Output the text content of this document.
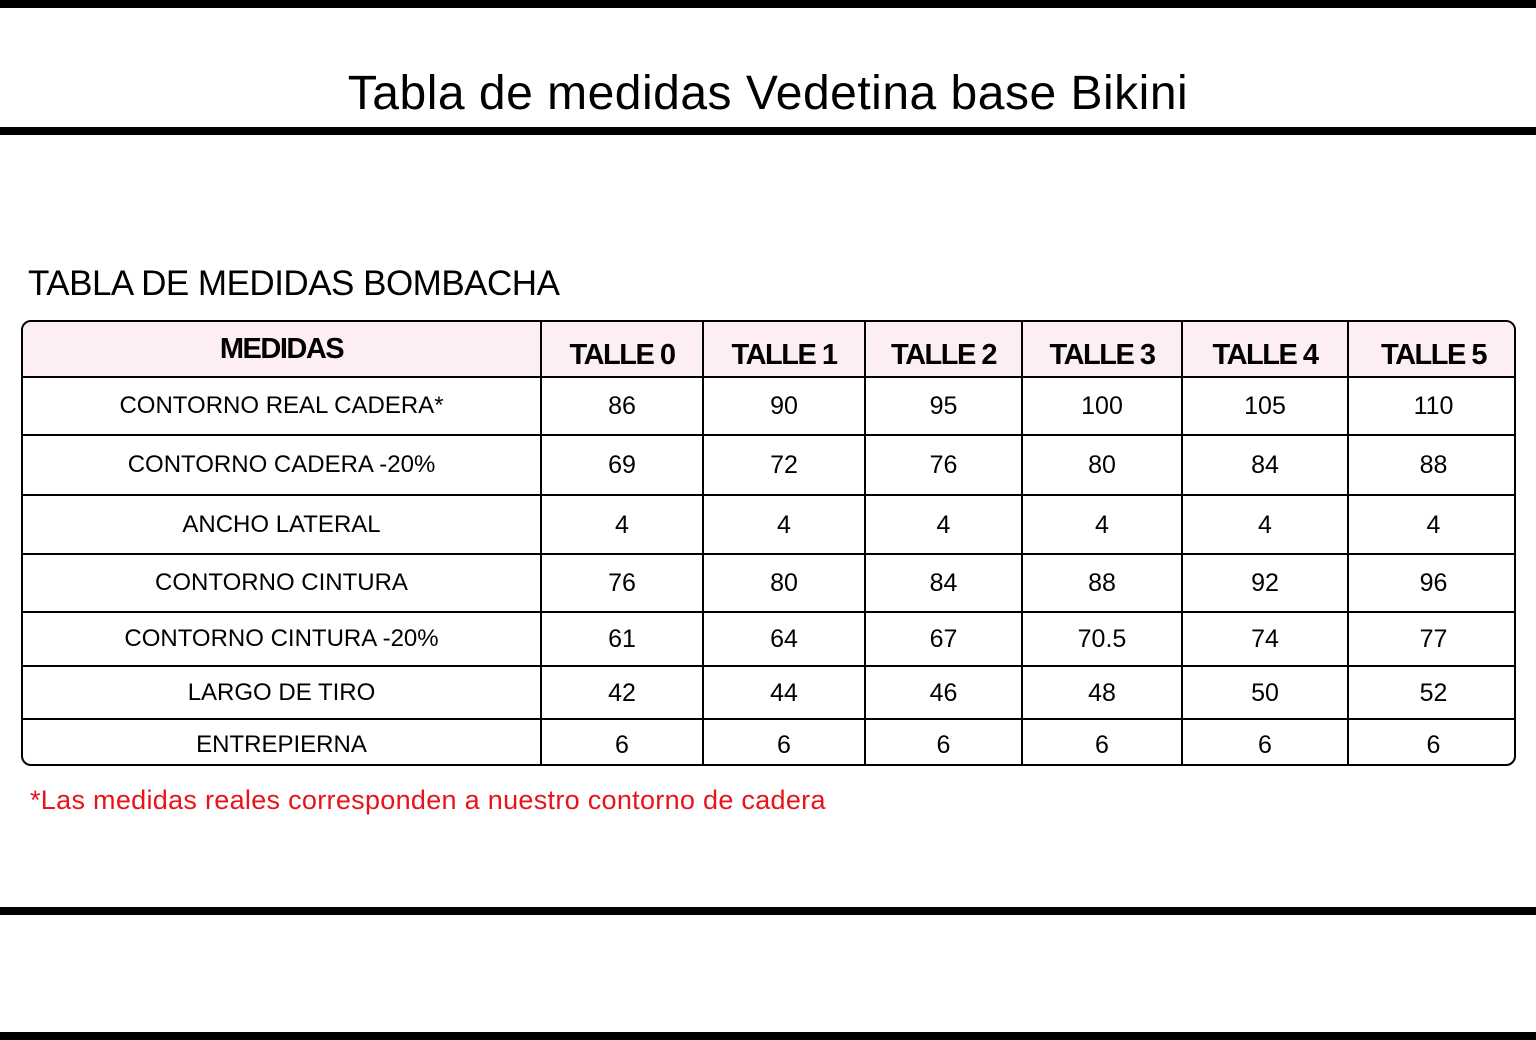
Tabla de medidas Vedetina base Bikini
TABLA DE MEDIDAS BOMBACHA
MEDIDAS	TALLE 0	TALLE 1	TALLE 2	TALLE 3	TALLE 4	TALLE 5
CONTORNO REAL CADERA*	86	90	95	100	105	110
CONTORNO CADERA -20%	69	72	76	80	84	88
ANCHO LATERAL	4	4	4	4	4	4
CONTORNO CINTURA	76	80	84	88	92	96
CONTORNO CINTURA -20%	61	64	67	70.5	74	77
LARGO DE TIRO	42	44	46	48	50	52
ENTREPIERNA	6	6	6	6	6	6
*Las medidas reales corresponden a nuestro contorno de cadera
